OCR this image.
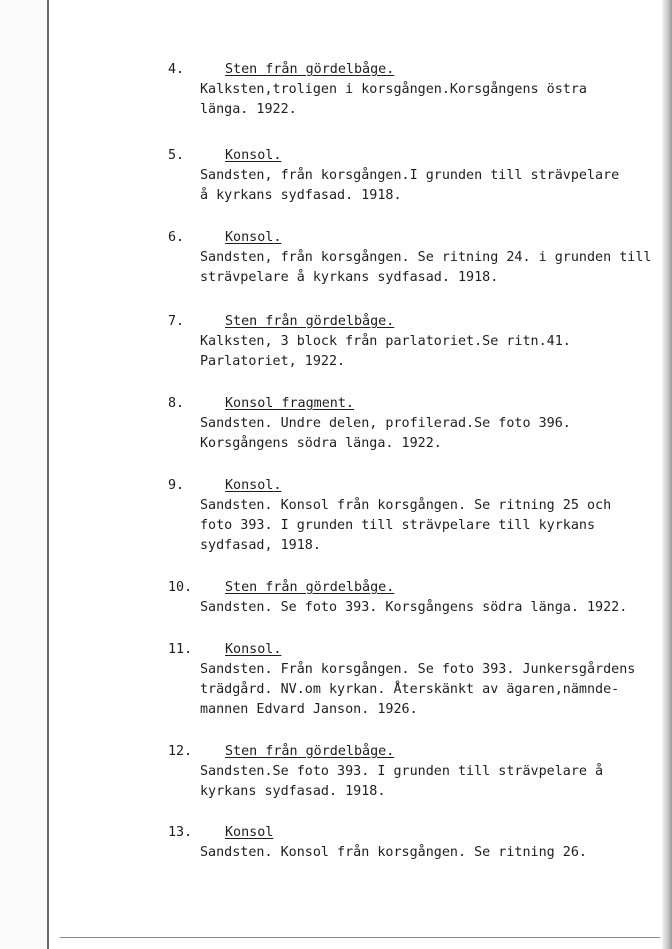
4.	Sten från gördelbåge.
Kalksten,troligen i korsgången.Korsgångens östra
länga. 1922.
5.	Konsol.
Sandsten, från korsgången.I grunden till strävpelare
å kyrkans sydfasad. 1918.
6.	Konsol.
Sandsten, från korsgången. Se ritning 24. i grunden till
strävpelare å kyrkans sydfasad. 1918.
7.	Sten från gördelbåge.
Kalksten, 3 block från parlatoriet.Se ritn.41.
Parlatoriet, 1922.
8.	Konsol fragment.
Sandsten. Undre delen, profilerad.Se foto 396.
Korsgångens södra länga. 1922.
9.	Konsol.
Sandsten. Konsol från korsgången. Se ritning 25 och
foto 393. I grunden till strävpelare till kyrkans
sydfasad, 1918.
10. Sten från gördelbåge.
Sandsten. Se foto 393. Korsgångens södra länga. 1922.
11. Konsol.
Sandsten. Från korsgången. Se foto 393. Junkersgårdens
trädgård. NV.om kyrkan. Återskänkt av ägaren,nämnde-
mannen Edvard Janson. 1926.
12. Sten från gördelbåge.
Sandsten.Se foto 393. I grunden till strävpelare å
kyrkans sydfasad. 1918.
13. Konsol
Sandsten. Konsol från korsgången. Se ritning 26.
